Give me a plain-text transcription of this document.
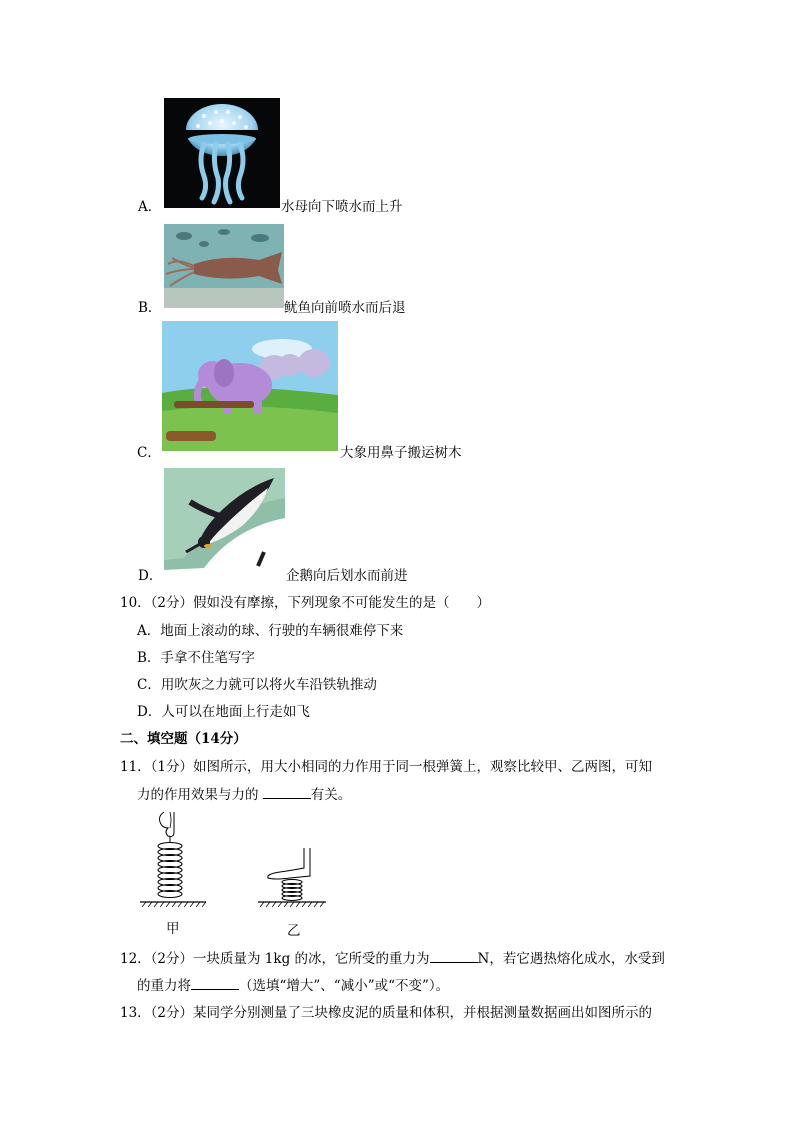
A．	水母向下喷水而上升
B．	鱿鱼向前喷水而后退
C．	大象用鼻子搬运树木
D．	企鹅向后划水而前进
10．（2分）假如没有摩擦，下列现象不可能发生的是（　　）
A．地面上滚动的球、行驶的车辆很难停下来
B．手拿不住笔写字
C．用吹灰之力就可以将火车沿铁轨推动
D．人可以在地面上行走如飞
二、填空题（14分）
11．（1分）如图所示，用大小相同的力作用于同一根弹簧上，观察比较甲、乙两图，可知
力的作用效果与力的	有关。
甲	乙
12．（2分）一块质量为 1kg 的冰，它所受的重力为	N，若它遇热熔化成水，水受到
的重力将	（选填“增大”、“减小”或“不变”）。
13．（2分）某同学分别测量了三块橡皮泥的质量和体积，并根据测量数据画出如图所示的
